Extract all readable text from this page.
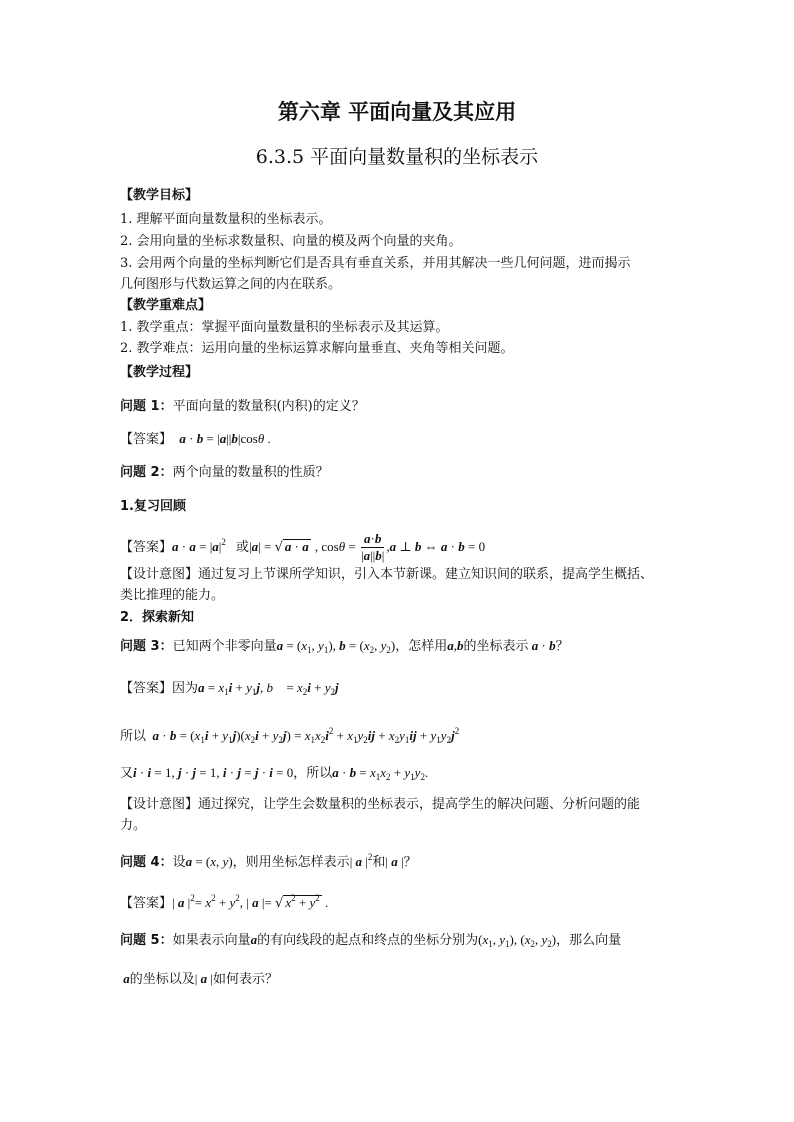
第六章 平面向量及其应用
6.3.5 平面向量数量积的坐标表示
【教学目标】
1. 理解平面向量数量积的坐标表示。
2. 会用向量的坐标求数量积、向量的模及两个向量的夹角。
3. 会用两个向量的坐标判断它们是否具有垂直关系，并用其解决一些几何问题，进而揭示
几何图形与代数运算之间的内在联系。
【教学重难点】
1. 教学重点：掌握平面向量数量积的坐标表示及其运算。
2. 教学难点：运用向量的坐标运算求解向量垂直、夹角等相关问题。
【教学过程】
问题 1：平面向量的数量积(内积)的定义？
【答案】  a · b = |a||b|cosθ .
问题 2：两个向量的数量积的性质？
1.复习回顾
【答案】$a \cdot a = |a|^2$ 或|a| = √ a · a , $\cos\theta = \frac{a\cdot b}{|a||b|} ,a$ ⊥ b ⇔ a · b = 0
【设计意图】通过复习上节课所学知识，引入本节新课。建立知识间的联系，提高学生概括、
类比推理的能力。
2．探索新知
问题 3：已知两个非零向量$a = (x_1$, $y_1$), $b = (x_2$, $y_2$)，怎样用a,b的坐标表示 a · b？
【答案】因为$a = x_1i + y_1j$, b⃗ = $x_2i + y_2j$
所以  $a \cdot b = (x_1i + y_1j)(x_2i + y_2j) = x_1x_2i^2 + x_1y_2ij + x_2y_1ij + y_1y_2j^2$
又i · i = 1, j · j = 1, i · j = j · i = 0，所以$a \cdot b = x_1x_2 + y_1y_2$.
【设计意图】通过探究，让学生会数量积的坐标表示，提高学生的解决问题、分析问题的能
力。
问题 4：设a = (x, y)，则用坐标怎样表示| a $|^2$和| a |？
【答案】| a $|^2= x^2 + y^2$, | a |= √ $x^2 + y^2$ .
问题 5：如果表示向量a的有向线段的起点和终点的坐标分别为($x_1$, $y_1$), ($x_2$, $y_2$)，那么向量
a的坐标以及| a |如何表示？
